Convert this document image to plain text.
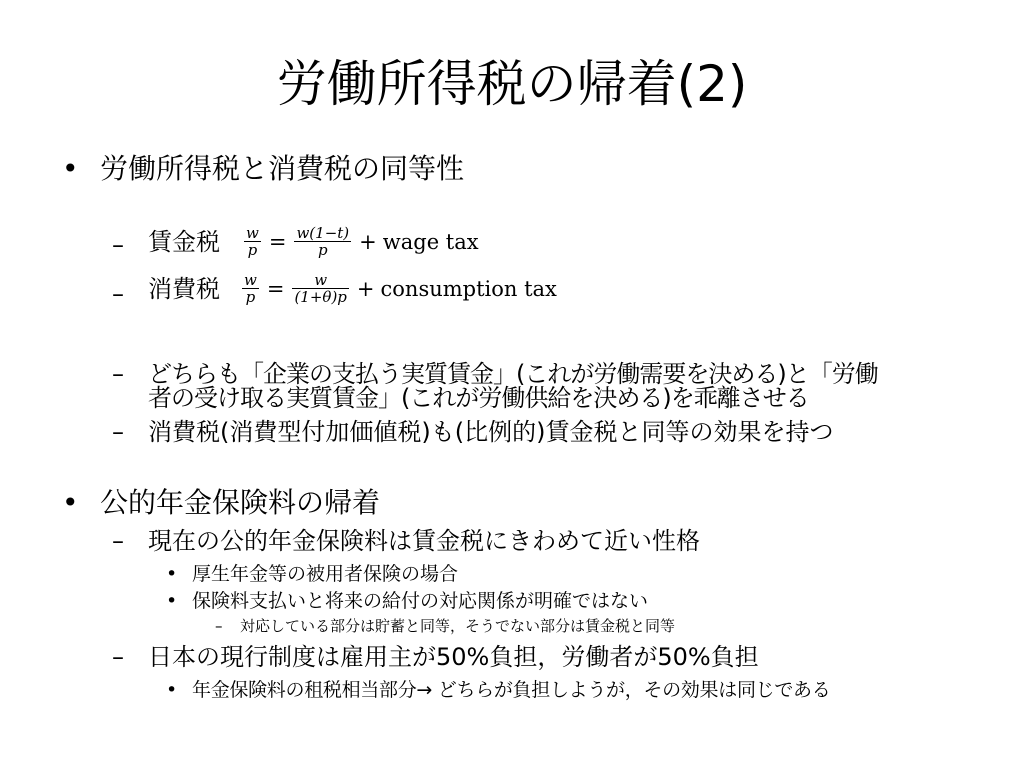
労働所得税の帰着(2)
• 労働所得税と消費税の同等性
– 賃金税 $\frac{w}{p} = \frac{w(1-t)}{p}$ + wage tax
– 消費税 $\frac{w}{p} = \frac{w}{(1+\theta)p}$ + consumption tax
– どちらも「企業の支払う実質賃金」(これが労働需要を決める)と「労働
者の受け取る実質賃金」(これが労働供給を決める)を乖離させる
– 消費税(消費型付加価値税)も(比例的)賃金税と同等の効果を持つ
• 公的年金保険料の帰着
– 現在の公的年金保険料は賃金税にきわめて近い性格
• 厚生年金等の被用者保険の場合
• 保険料支払いと将来の給付の対応関係が明確ではない
– 対応している部分は貯蓄と同等，そうでない部分は賃金税と同等
– 日本の現行制度は雇用主が50%負担，労働者が50%負担
• 年金保険料の租税相当部分→ どちらが負担しようが，その効果は同じである
